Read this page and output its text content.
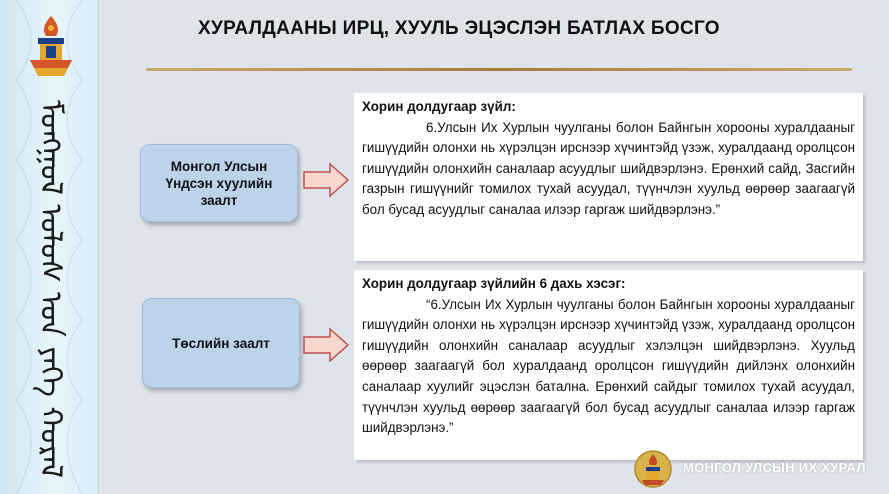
ᠮᠣᠩᠭᠣᠯ ᠤᠯᠤᠰ ᠤᠨ ᠶᠡᠬᠡ ᠬᠤᠷᠠᠯ
ХУРАЛДААНЫ ИРЦ, ХУУЛЬ ЭЦЭСЛЭН БАТЛАХ БОСГО
Монгол Улсын Үндсэн хуулийн заалт
Хорин долдугаар зүйл:
6.Улсын Их Хурлын чуулганы болон Байнгын хорооны хуралдааныг гишүүдийн олонхи нь хүрэлцэн ирснээр хүчинтэйд үзэж, хуралдаанд оролцсон гишүүдийн олонхийн саналаар асуудлыг шийдвэрлэнэ. Ерөнхий сайд, Засгийн газрын гишүүнийг томилох тухай асуудал, түүнчлэн хуульд өөрөөр заагаагүй бол бусад асуудлыг саналаа илээр гаргаж шийдвэрлэнэ.”
Төслийн заалт
Хорин долдугаар зүйлийн 6 дахь хэсэг:
“6.Улсын Их Хурлын чуулганы болон Байнгын хорооны хуралдааныг гишүүдийн олонхи нь хүрэлцэн ирснээр хүчинтэйд үзэж, хуралдаанд оролцсон гишүүдийн олонхийн саналаар асуудлыг хэлэлцэн шийдвэрлэнэ. Хуульд өөрөөр заагаагүй бол хуралдаанд оролцсон гишүүдийн дийлэнх олонхийн саналаар хуулийг эцэслэн батална. Ерөнхий сайдыг томилох тухай асуудал, түүнчлэн хуульд өөрөөр заагаагүй бол бусад асуудлыг саналаа илээр гаргаж шийдвэрлэнэ.”
МОНГОЛ УЛСЫН ИХ ХУРАЛ
